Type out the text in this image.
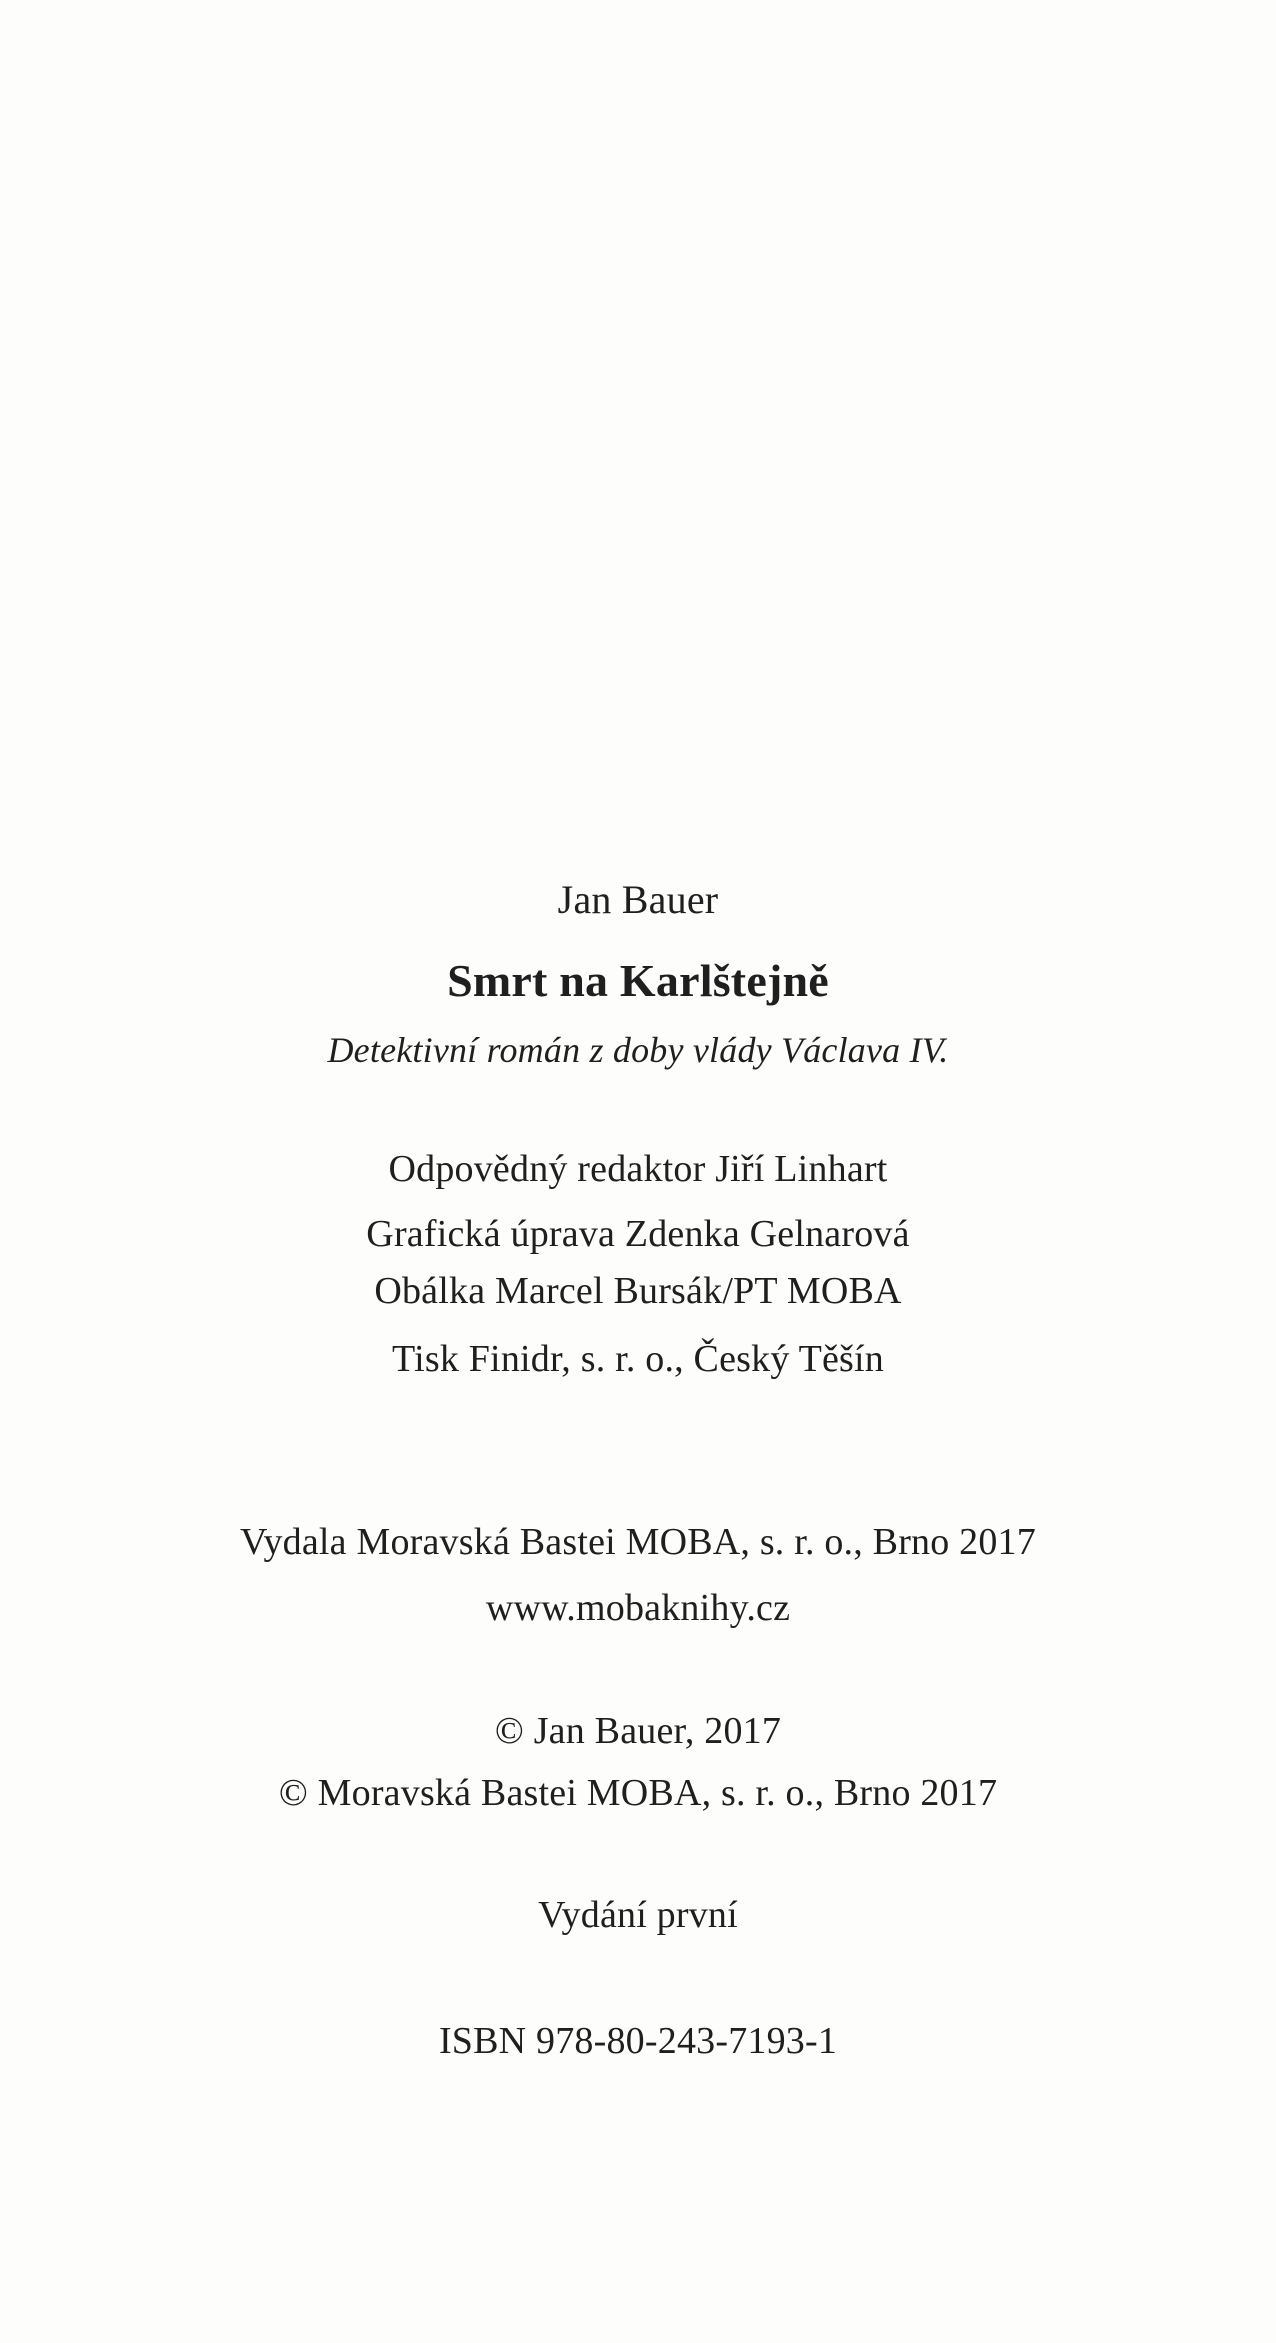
Jan Bauer
Smrt na Karlštejně
Detektivní román z doby vlády Václava IV.
Odpovědný redaktor Jiří Linhart
Grafická úprava Zdenka Gelnarová
Obálka Marcel Bursák/PT MOBA
Tisk Finidr, s. r. o., Český Těšín
Vydala Moravská Bastei MOBA, s. r. o., Brno 2017
www.mobaknihy.cz
© Jan Bauer, 2017
© Moravská Bastei MOBA, s. r. o., Brno 2017
Vydání první
ISBN 978-80-243-7193-1
